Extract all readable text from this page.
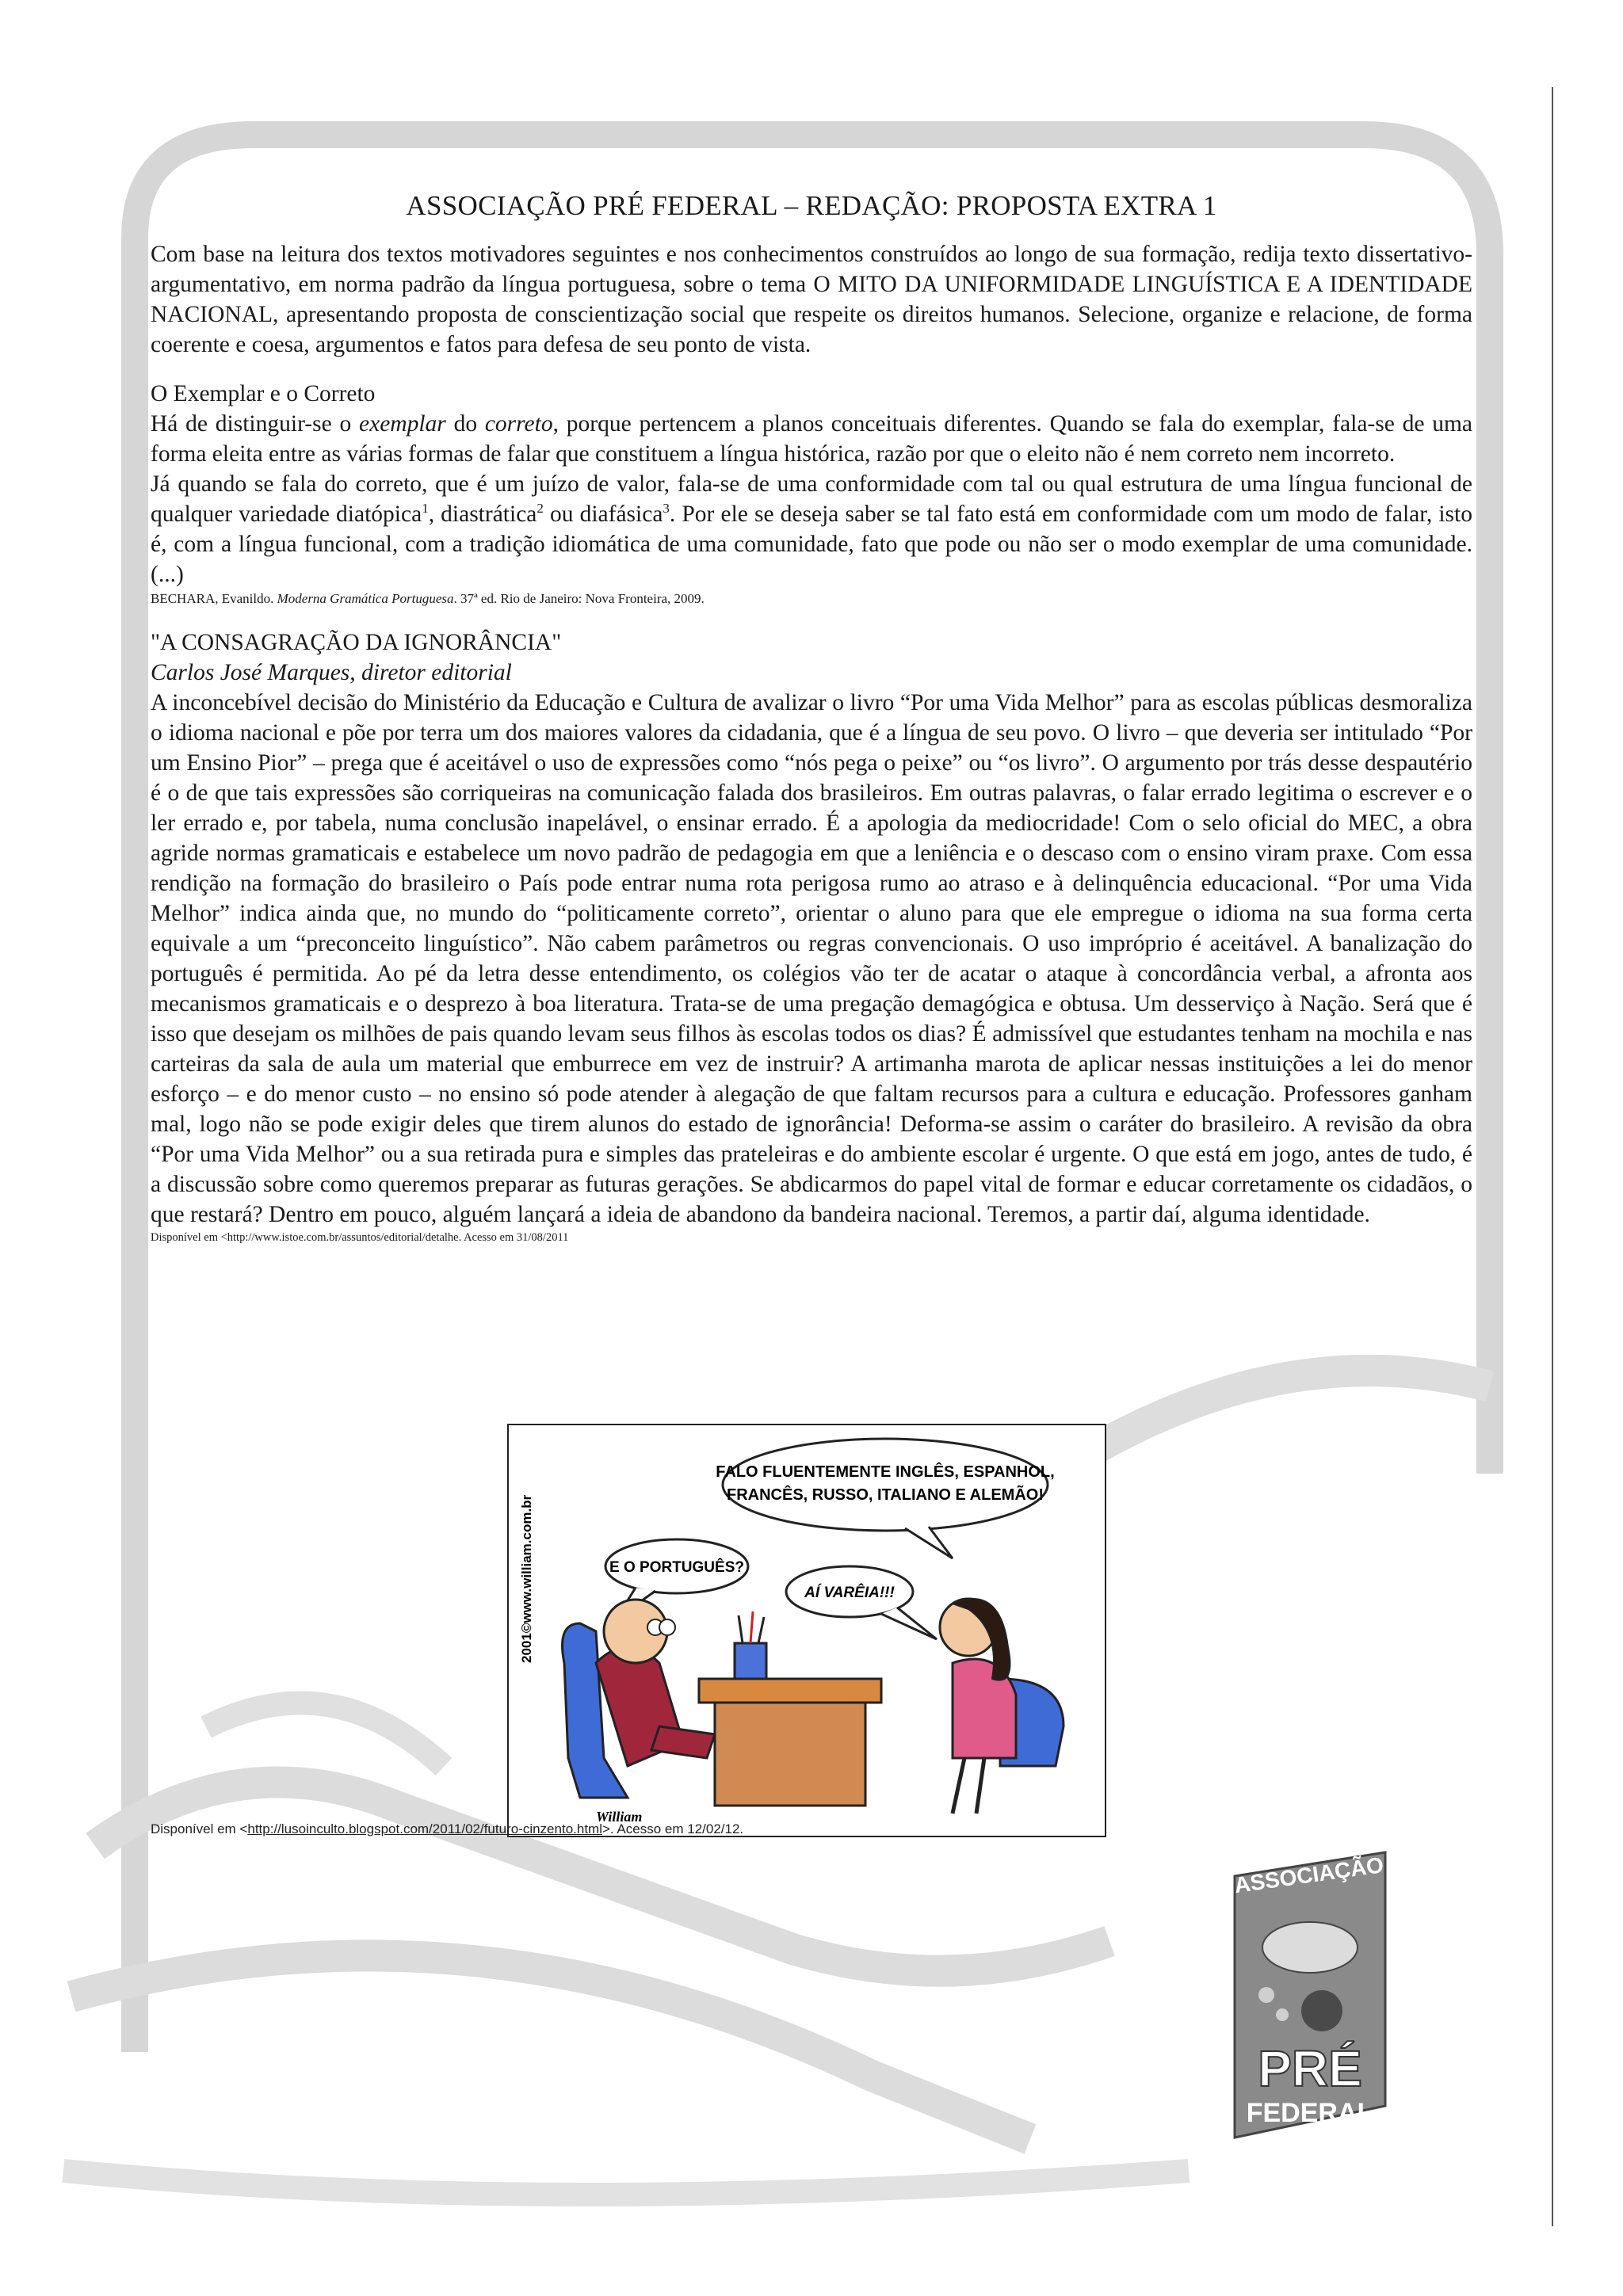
ASSOCIAÇÃO PRÉ FEDERAL – REDAÇÃO: PROPOSTA EXTRA 1

Com base na leitura dos textos motivadores seguintes e nos conhecimentos construídos ao longo de sua formação, redija texto dissertativo-argumentativo, em norma padrão da língua portuguesa, sobre o tema O MITO DA UNIFORMIDADE LINGUÍSTICA E A IDENTIDADE NACIONAL, apresentando proposta de conscientização social que respeite os direitos humanos. Selecione, organize e relacione, de forma coerente e coesa, argumentos e fatos para defesa de seu ponto de vista.

O Exemplar e o Correto

Há de distinguir-se o exemplar do correto, porque pertencem a planos conceituais diferentes. Quando se fala do exemplar, fala-se de uma forma eleita entre as várias formas de falar que constituem a língua histórica, razão por que o eleito não é nem correto nem incorreto.

Já quando se fala do correto, que é um juízo de valor, fala-se de uma conformidade com tal ou qual estrutura de uma língua funcional de qualquer variedade diatópica$^1$, diastrática$^2$ ou diafásica$^3$. Por ele se deseja saber se tal fato está em conformidade com um modo de falar, isto é, com a língua funcional, com a tradição idiomática de uma comunidade, fato que pode ou não ser o modo exemplar de uma comunidade. (...)

BECHARA, Evanildo. Moderna Gramática Portuguesa. 37ª ed. Rio de Janeiro: Nova Fronteira, 2009.

"A CONSAGRAÇÃO DA IGNORÂNCIA"

Carlos José Marques, diretor editorial

A inconcebível decisão do Ministério da Educação e Cultura de avalizar o livro “Por uma Vida Melhor” para as escolas públicas desmoraliza o idioma nacional e põe por terra um dos maiores valores da cidadania, que é a língua de seu povo. O livro – que deveria ser intitulado “Por um Ensino Pior” – prega que é aceitável o uso de expressões como “nós pega o peixe” ou “os livro”. O argumento por trás desse despautério é o de que tais expressões são corriqueiras na comunicação falada dos brasileiros. Em outras palavras, o falar errado legitima o escrever e o ler errado e, por tabela, numa conclusão inapelável, o ensinar errado. É a apologia da mediocridade! Com o selo oficial do MEC, a obra agride normas gramaticais e estabelece um novo padrão de pedagogia em que a leniência e o descaso com o ensino viram praxe. Com essa rendição na formação do brasileiro o País pode entrar numa rota perigosa rumo ao atraso e à delinquência educacional. “Por uma Vida Melhor” indica ainda que, no mundo do “politicamente correto”, orientar o aluno para que ele empregue o idioma na sua forma certa equivale a um “preconceito linguístico”. Não cabem parâmetros ou regras convencionais. O uso impróprio é aceitável. A banalização do português é permitida. Ao pé da letra desse entendimento, os colégios vão ter de acatar o ataque à concordância verbal, a afronta aos mecanismos gramaticais e o desprezo à boa literatura. Trata-se de uma pregação demagógica e obtusa. Um desserviço à Nação. Será que é isso que desejam os milhões de pais quando levam seus filhos às escolas todos os dias? É admissível que estudantes tenham na mochila e nas carteiras da sala de aula um material que emburrece em vez de instruir? A artimanha marota de aplicar nessas instituições a lei do menor esforço – e do menor custo – no ensino só pode atender à alegação de que faltam recursos para a cultura e educação. Professores ganham mal, logo não se pode exigir deles que tirem alunos do estado de ignorância! Deforma-se assim o caráter do brasileiro. A revisão da obra “Por uma Vida Melhor” ou a sua retirada pura e simples das prateleiras e do ambiente escolar é urgente. O que está em jogo, antes de tudo, é a discussão sobre como queremos preparar as futuras gerações. Se abdicarmos do papel vital de formar e educar corretamente os cidadãos, o que restará? Dentro em pouco, alguém lançará a ideia de abandono da bandeira nacional. Teremos, a partir daí, alguma identidade.

Disponível em <http://www.istoe.com.br/assuntos/editorial/detalhe. Acesso em 31/08/2011

FALO FLUENTEMENTE INGLÊS, ESPANHOL,
FRANCÊS, RUSSO, ITALIANO E ALEMÃO!
E O PORTUGUÊS?
AÍ VARÊIA!!!
2001©www.william.com.br
William
Disponível em <http://lusoinculto.blogspot.com/2011/02/futuro-cinzento.html>. Acesso em 12/02/12.
ASSOCIAÇÃO
PRÉ
FEDERAL
